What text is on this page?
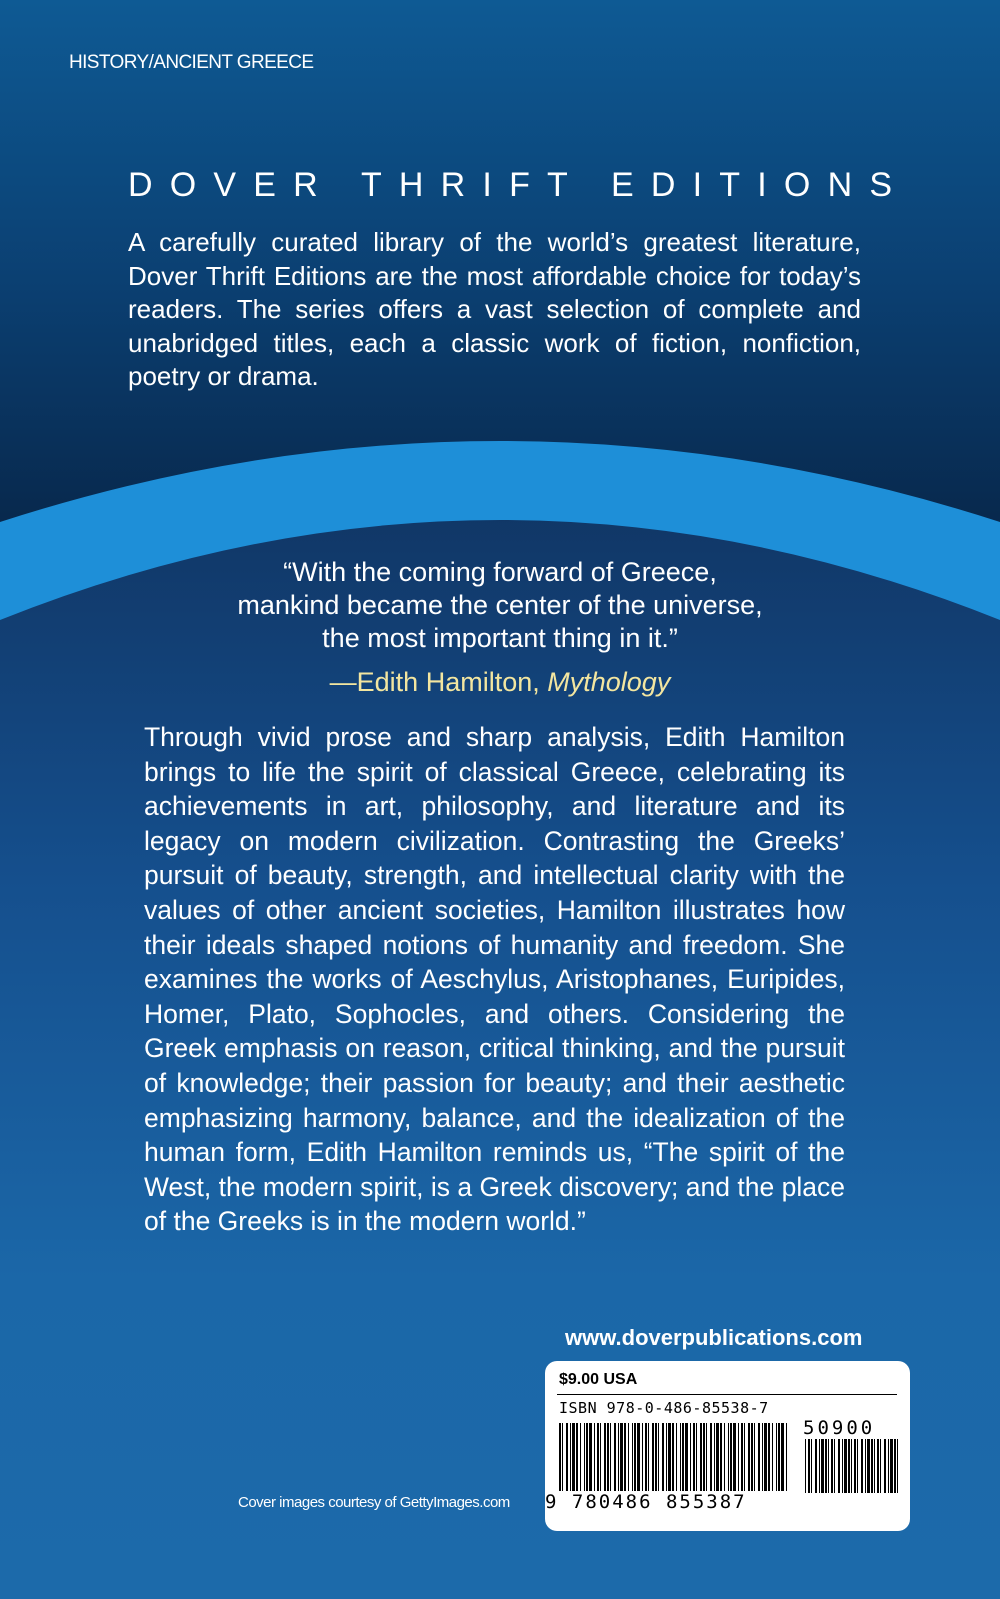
HISTORY/ANCIENT GREECE
DOVER THRIFT EDITIONS
A carefully curated library of the world’s greatest literature, Dover Thrift Editions are the most affordable choice for today’s readers. The series offers a vast selection of complete and unabridged titles, each a classic work of fiction, nonfiction, poetry or drama.
“With the coming forward of Greece,
mankind became the center of the universe,
the most important thing in it.”
—Edith Hamilton, Mythology
Through vivid prose and sharp analysis, Edith Hamilton brings to life the spirit of classical Greece, celebrating its achievements in art, philosophy, and literature and its legacy on modern civilization. Contrasting the Greeks’ pursuit of beauty, strength, and intellectual clarity with the values of other ancient societies, Hamilton illustrates how their ideals shaped notions of humanity and freedom. She examines the works of Aeschylus, Aristophanes, Euripides, Homer, Plato, Sophocles, and others. Considering the Greek emphasis on reason, critical thinking, and the pursuit of knowledge; their passion for beauty; and their aesthetic emphasizing harmony, balance, and the idealization of the human form, Edith Hamilton reminds us, “The spirit of the West, the modern spirit, is a Greek discovery; and the place of the Greeks is in the modern world.”
www.doverpublications.com
Cover images courtesy of GettyImages.com
$9.00 USA
ISBN 978-0-486-85538-7
50900
9 780486 855387
